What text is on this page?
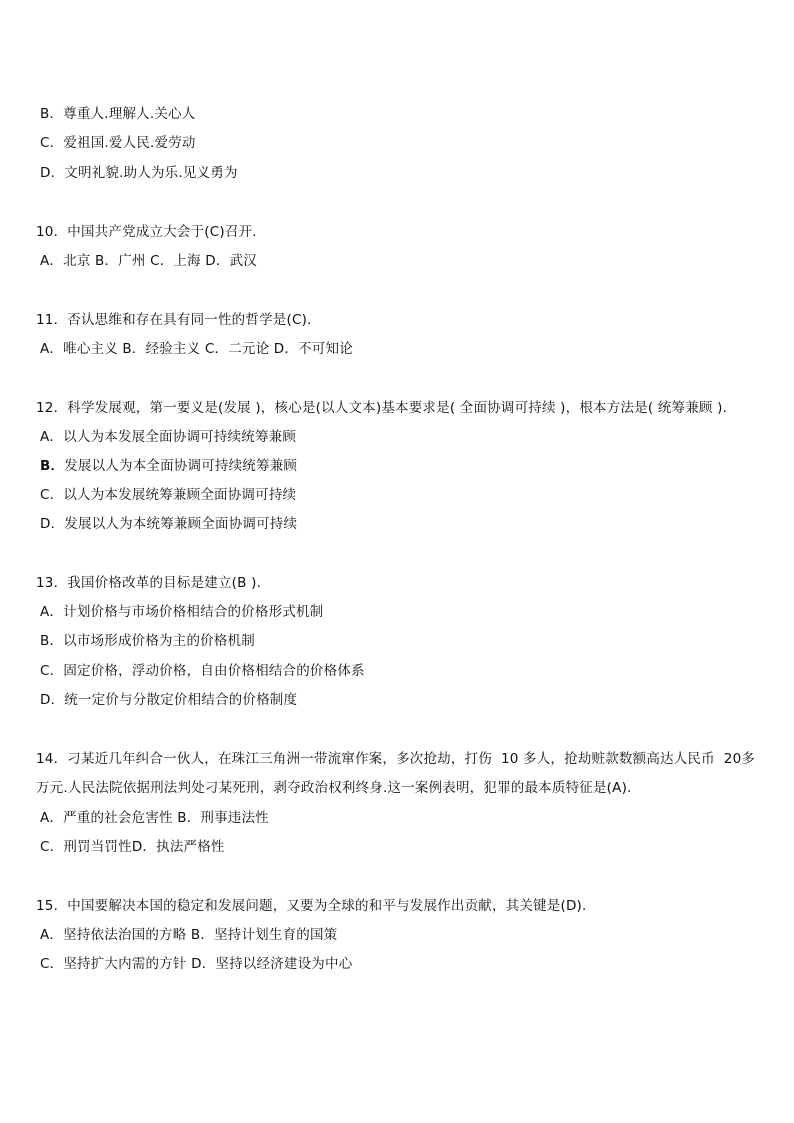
B．尊重人.理解人.关心人
C．爱祖国.爱人民.爱劳动
D．文明礼貌.助人为乐.见义勇为
10．中国共产党成立大会于(C)召开.
A．北京 B．广州 C．上海 D．武汉
11．否认思维和存在具有同一性的哲学是(C).
A．唯心主义 B．经验主义 C．二元论 D．不可知论
12．科学发展观，第一要义是(发展 )，核心是(以人文本)基本要求是( 全面协调可持续 )，根本方法是( 统筹兼顾 ).
A．以人为本发展全面协调可持续统筹兼顾
B．发展以人为本全面协调可持续统筹兼顾
C．以人为本发展统筹兼顾全面协调可持续
D．发展以人为本统筹兼顾全面协调可持续
13．我国价格改革的目标是建立(B ).
A．计划价格与市场价格相结合的价格形式机制
B．以市场形成价格为主的价格机制
C．固定价格，浮动价格，自由价格相结合的价格体系
D．统一定价与分散定价相结合的价格制度
14．刁某近几年纠合一伙人，在珠江三角洲一带流窜作案，多次抢劫，打伤  10 多人，抢劫赃款数额高达人民币  20多
万元.人民法院依据刑法判处刁某死刑，剥夺政治权利终身.这一案例表明，犯罪的最本质特征是(A).
A．严重的社会危害性 B．刑事违法性
C．刑罚当罚性D．执法严格性
15．中国要解决本国的稳定和发展问题，又要为全球的和平与发展作出贡献，其关键是(D).
A．坚持依法治国的方略 B．坚持计划生育的国策
C．坚持扩大内需的方针 D．坚持以经济建设为中心
